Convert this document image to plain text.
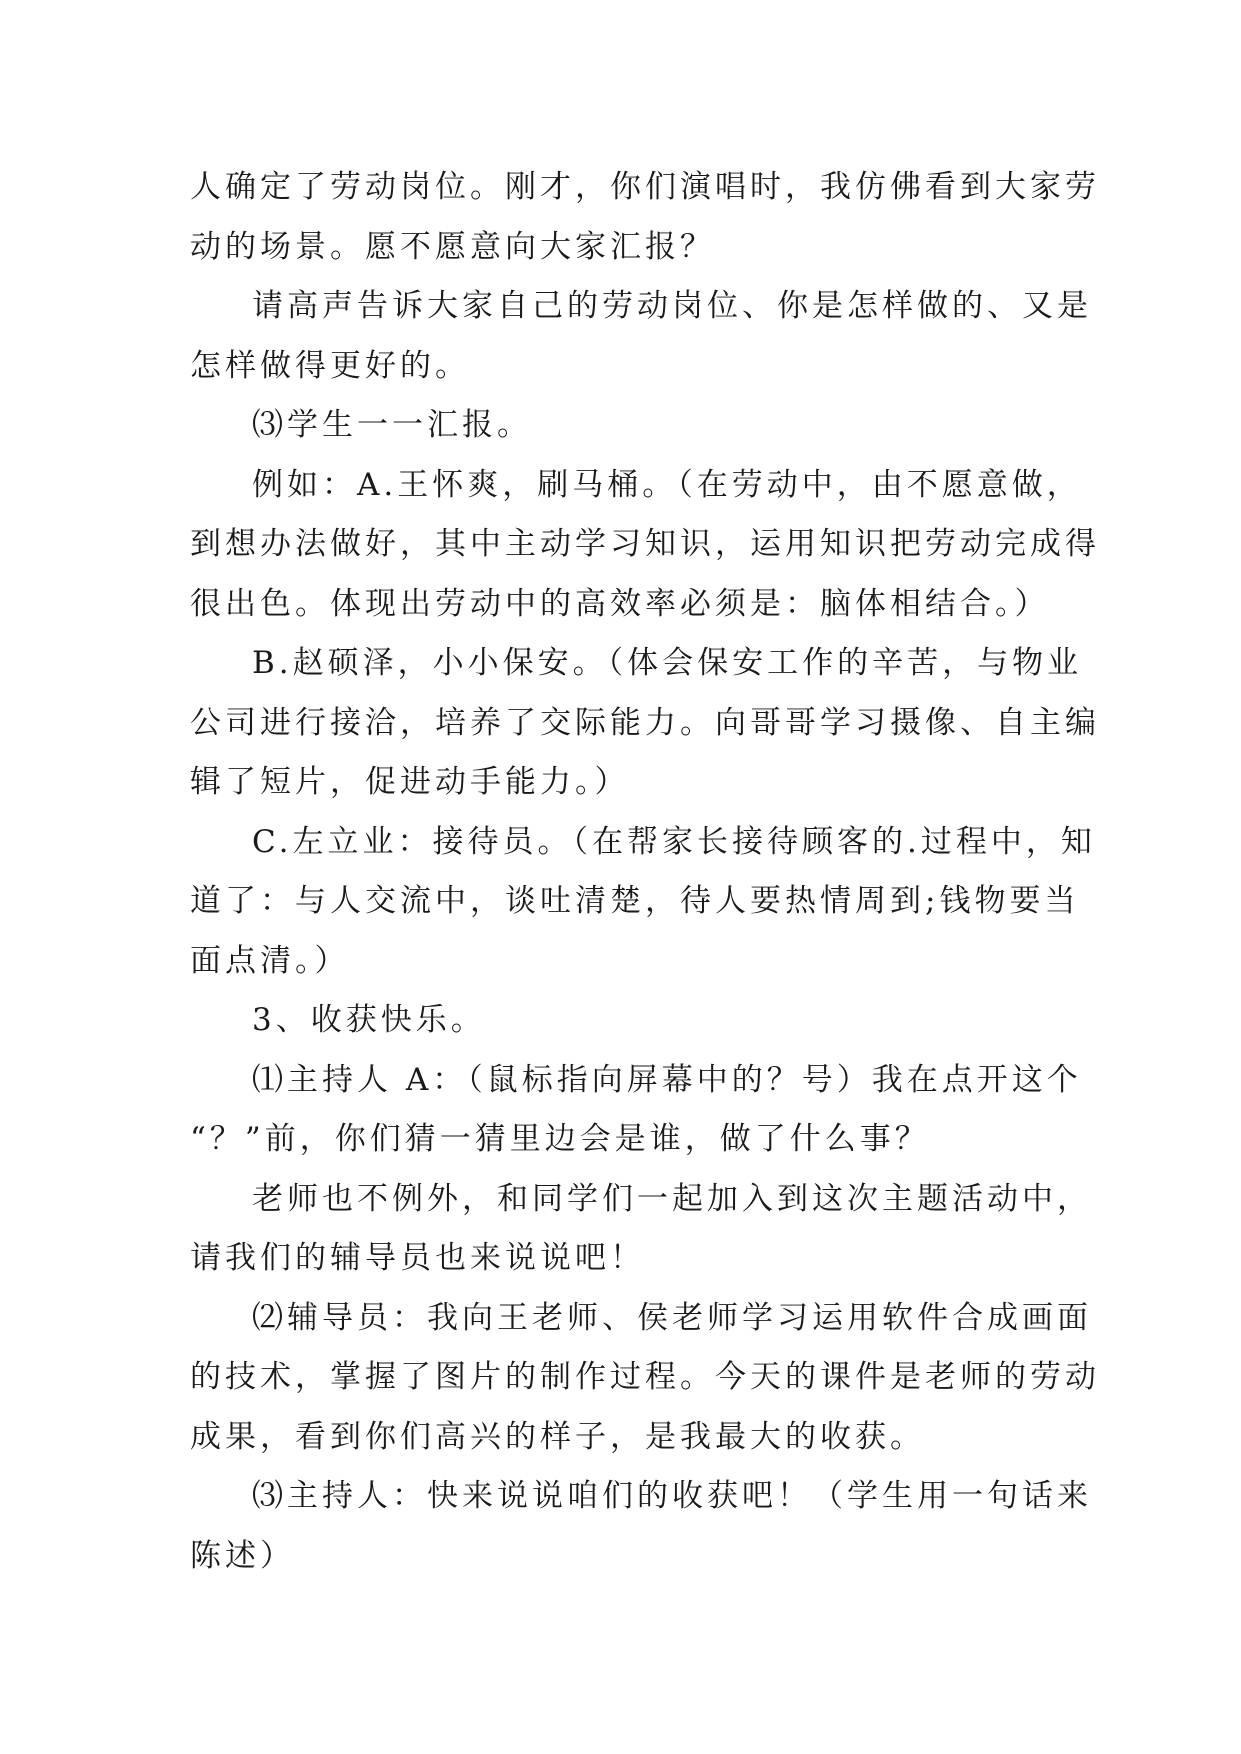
人确定了劳动岗位。刚才，你们演唱时，我仿佛看到大家劳
动的场景。愿不愿意向大家汇报？
请高声告诉大家自己的劳动岗位、你是怎样做的、又是
怎样做得更好的。
⑶学生一一汇报。
例如：A.王怀爽，刷马桶。（在劳动中，由不愿意做，
到想办法做好，其中主动学习知识，运用知识把劳动完成得
很出色。体现出劳动中的高效率必须是：脑体相结合。）
B.赵硕泽，小小保安。（体会保安工作的辛苦，与物业
公司进行接洽，培养了交际能力。向哥哥学习摄像、自主编
辑了短片，促进动手能力。）
C.左立业：接待员。（在帮家长接待顾客的.过程中，知
道了：与人交流中，谈吐清楚，待人要热情周到;钱物要当
面点清。）
3、收获快乐。
⑴主持人 A：（鼠标指向屏幕中的？号）我在点开这个
“？”前，你们猜一猜里边会是谁，做了什么事？
老师也不例外，和同学们一起加入到这次主题活动中，
请我们的辅导员也来说说吧！
⑵辅导员：我向王老师、侯老师学习运用软件合成画面
的技术，掌握了图片的制作过程。今天的课件是老师的劳动
成果，看到你们高兴的样子，是我最大的收获。
⑶主持人：快来说说咱们的收获吧！（学生用一句话来
陈述）
